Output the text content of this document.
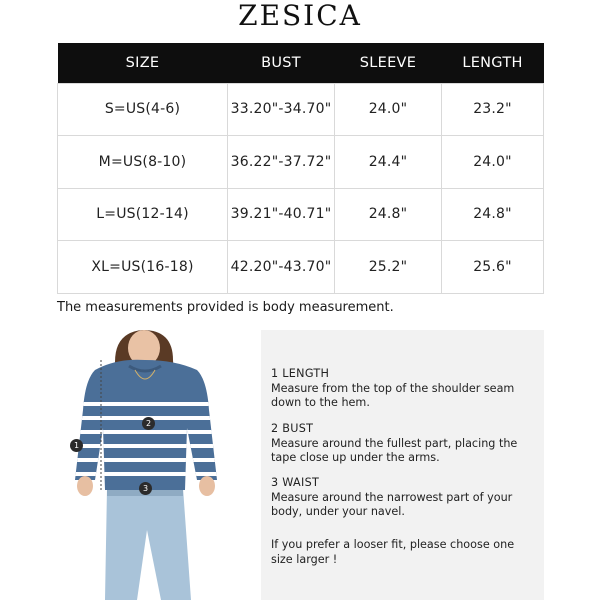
ZESICA
SIZE	BUST	SLEEVE	LENGTH
S=US(4-6)	33.20"-34.70"	24.0"	23.2"
M=US(8-10)	36.22"-37.72"	24.4"	24.0"
L=US(12-14)	39.21"-40.71"	24.8"	24.8"
XL=US(16-18)	42.20"-43.70"	25.2"	25.6"
The measurements provided is body measurement.
1
2
3
1 LENGTH
Measure from the top of the shoulder seam down to the hem.
2 BUST
Measure around the fullest part, placing the tape close up under the arms.
3 WAIST
Measure around the narrowest part of your body, under your navel.
If you prefer a looser fit, please choose one size larger !
